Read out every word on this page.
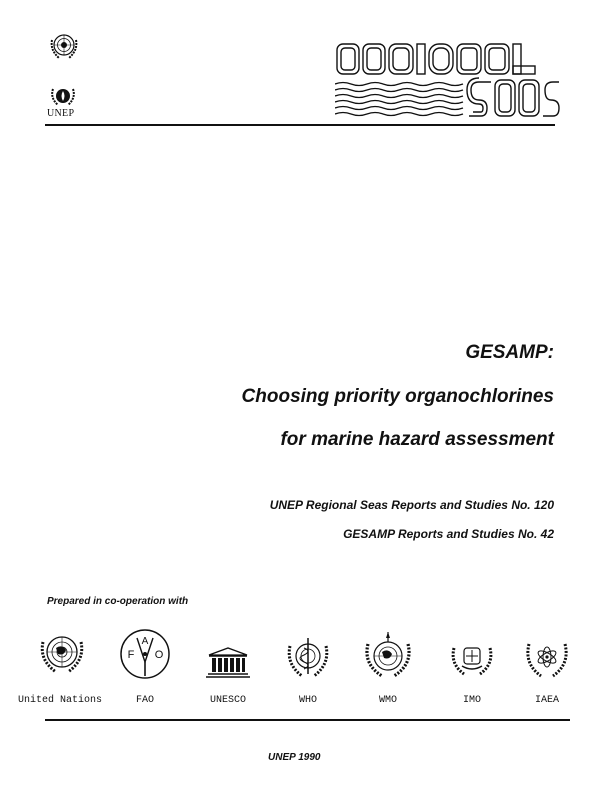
UNEP
GESAMP:
Choosing priority organochlorines
for marine hazard assessment
UNEP Regional Seas Reports and Studies No. 120
GESAMP Reports and Studies No. 42
Prepared in co-operation with
United Nations
A
F O
FAO	UNESCO	WHO	WMO	IMO	IAEA
UNEP 1990
